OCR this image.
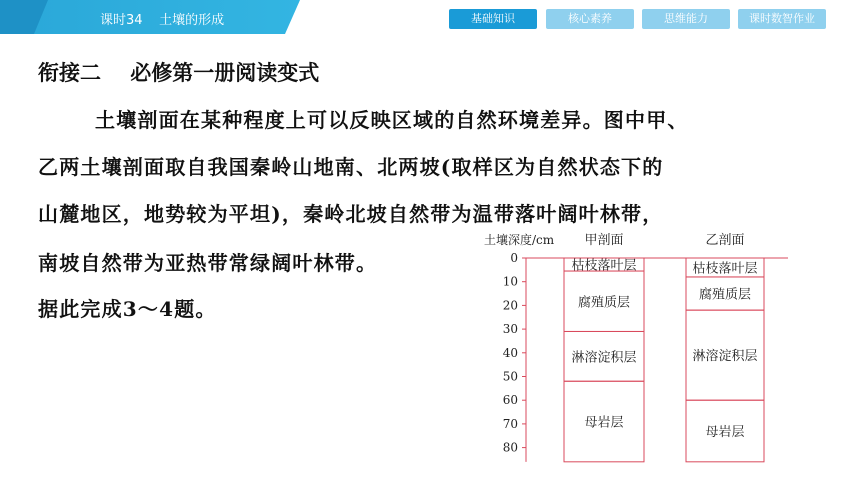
课时34    土壤的形成	基础知识	核心素养	思维能力	课时数智作业
衔接二    必修第一册阅读变式
土壤剖面在某种程度上可以反映区域的自然环境差异。图中甲、
乙两土壤剖面取自我国秦岭山地南、北两坡(取样区为自然状态下的
山麓地区，地势较为平坦)，秦岭北坡自然带为温带落叶阔叶林带，
南坡自然带为亚热带常绿阔叶林带。
据此完成3～4题。
土壤深度/cm
0
10
20
30
40
50
60
70
80
甲剖面
枯枝落叶层
腐殖质层
淋溶淀积层
母岩层
乙剖面
枯枝落叶层
腐殖质层
淋溶淀积层
母岩层
